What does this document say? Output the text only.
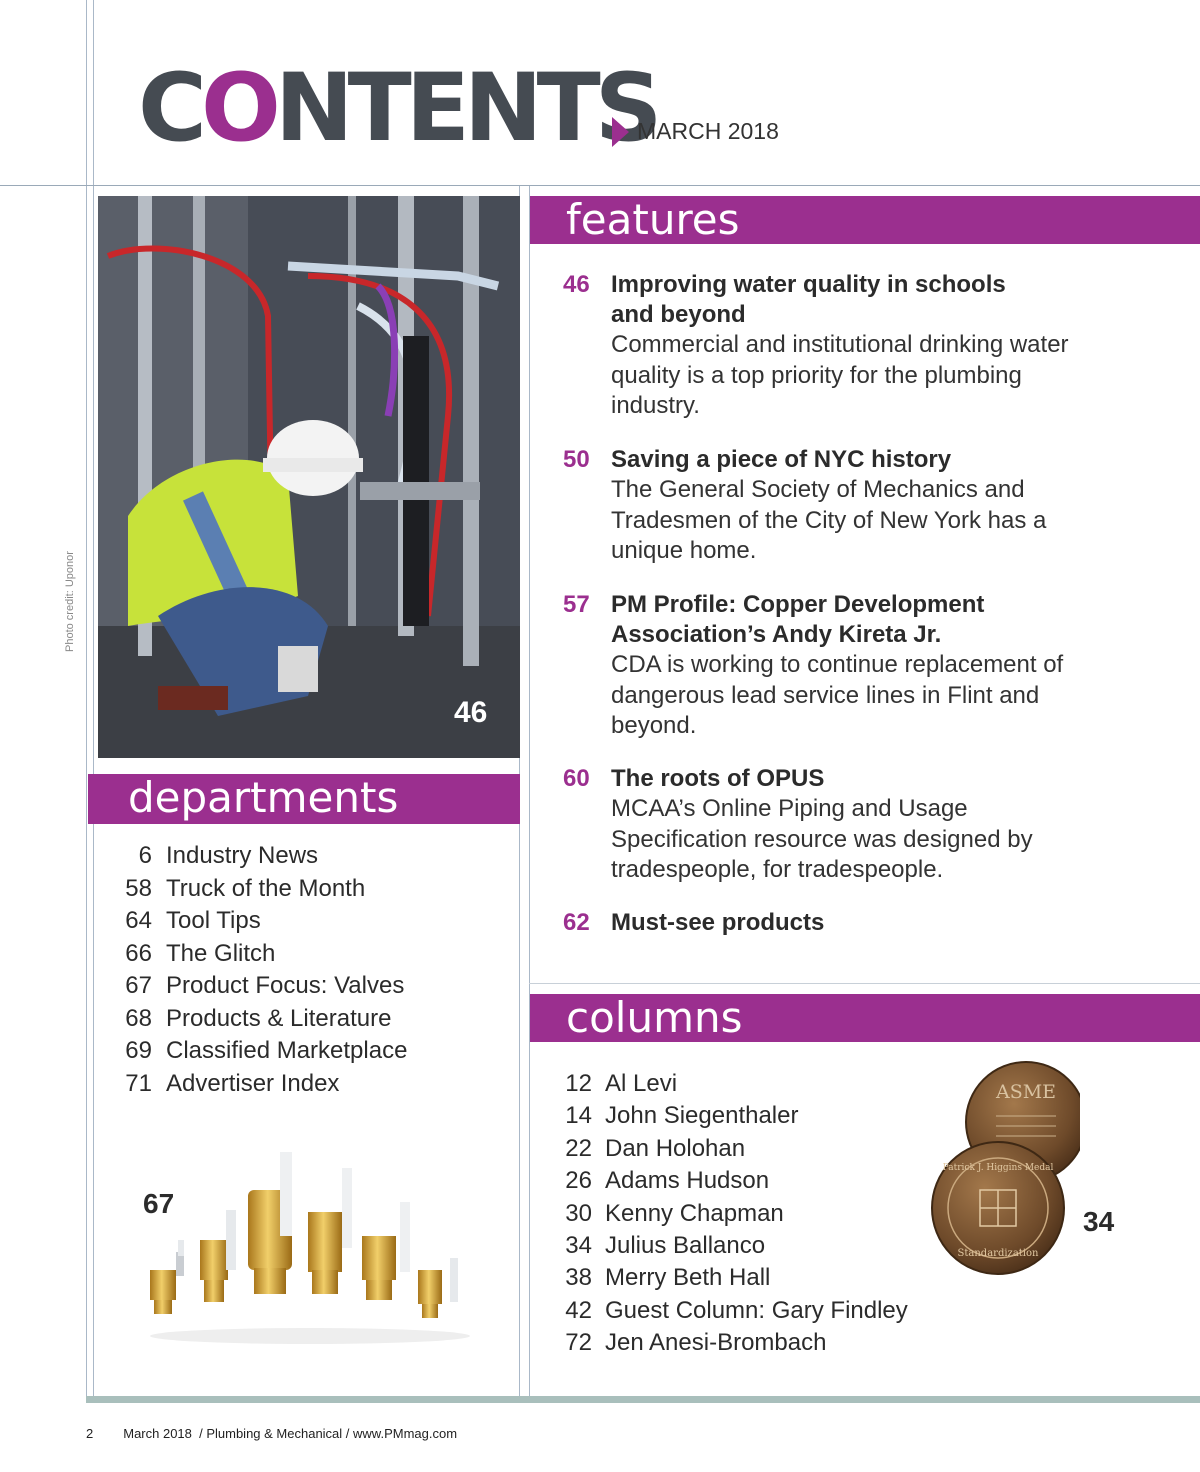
CONTENTS
MARCH 2018
Photo credit: Uponor
46
features
46 Improving water quality in schools and beyond
Commercial and institutional drinking water quality is a top priority for the plumbing industry.
50 Saving a piece of NYC history
The General Society of Mechanics and Tradesmen of the City of New York has a unique home.
57 PM Profile: Copper Development Association’s Andy Kireta Jr.
CDA is working to continue replacement of dangerous lead service lines in Flint and beyond.
60 The roots of OPUS
MCAA’s Online Piping and Usage Specification resource was designed by tradespeople, for tradespeople.
62 Must-see products
departments
6 Industry News
58 Truck of the Month
64 Tool Tips
66 The Glitch
67 Product Focus: Valves
68 Products & Literature
69 Classified Marketplace
71 Advertiser Index
67
columns
12 Al Levi
14 John Siegenthaler
22 Dan Holohan
26 Adams Hudson
30 Kenny Chapman
34 Julius Ballanco
38 Merry Beth Hall
42 Guest Column: Gary Findley
72 Jen Anesi-Brombach
ASME
Patrick J. Higgins Medal
Standardization
34
2 March 2018  / Plumbing & Mechanical / www.PMmag.com
